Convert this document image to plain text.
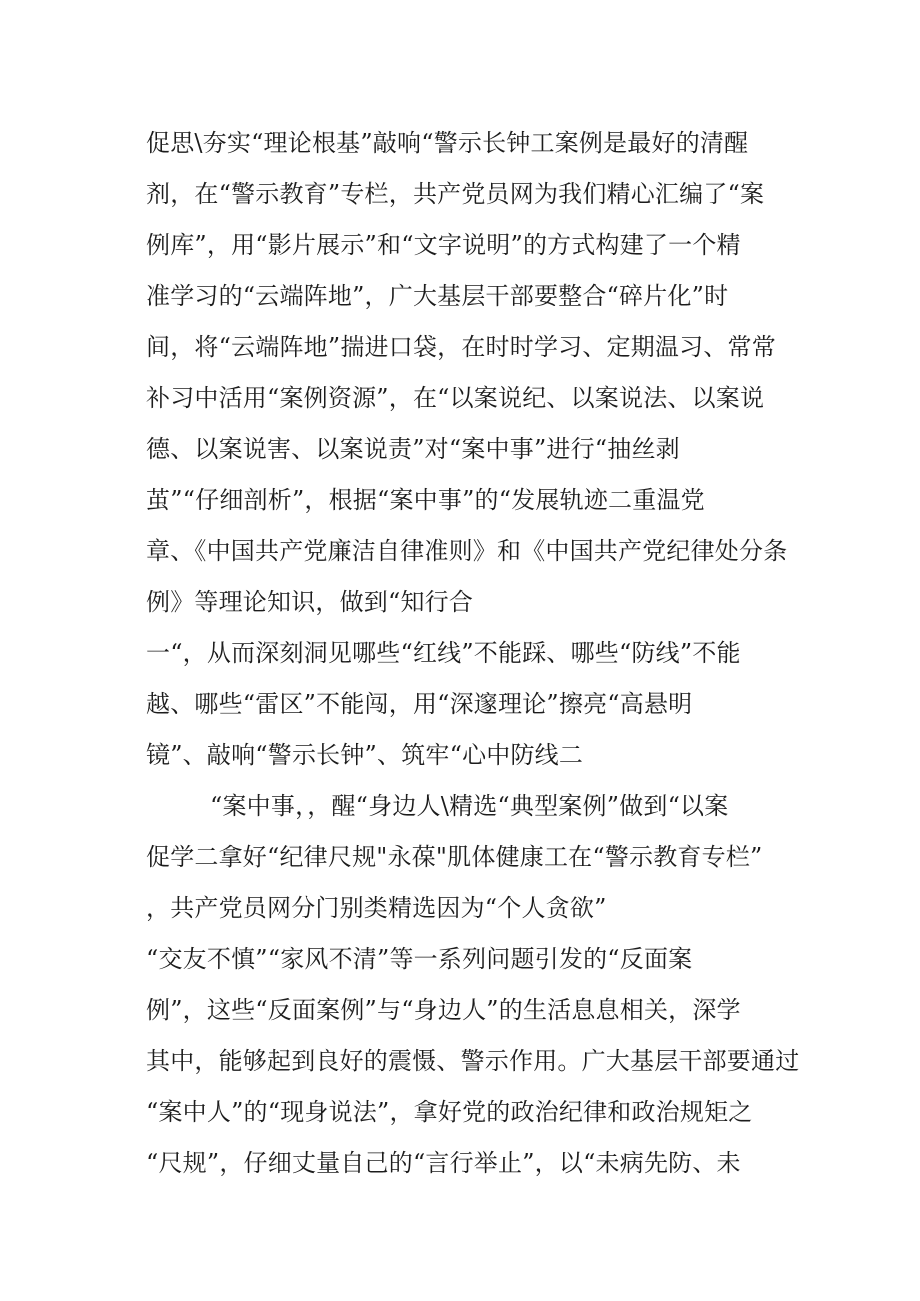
促思\夯实“理论根基”敲响“警示长钟工案例是最好的清醒
剂，在“警示教育”专栏，共产党员网为我们精心汇编了“案
例库”，用“影片展示”和“文字说明”的方式构建了一个精
准学习的“云端阵地”，广大基层干部要整合“碎片化”时
间，将“云端阵地”揣进口袋，在时时学习、定期温习、常常
补习中活用“案例资源”，在“以案说纪、以案说法、以案说
德、以案说害、以案说责”对“案中事”进行“抽丝剥
茧”“仔细剖析”，根据“案中事”的“发展轨迹二重温党
章、《中国共产党廉洁自律准则》和《中国共产党纪律处分条
例》等理论知识，做到“知行合
一“，从而深刻洞见哪些“红线”不能踩、哪些“防线”不能
越、哪些“雷区”不能闯，用“深邃理论”擦亮“高悬明
镜”、敲响“警示长钟”、筑牢“心中防线二
“案中事，，醒“身边人\精选“典型案例”做到“以案
促学二拿好“纪律尺规"永葆"肌体健康工在“警示教育专栏”
，共产党员网分门别类精选因为“个人贪欲”
“交友不慎”“家风不清”等一系列问题引发的“反面案
例”，这些“反面案例”与“身边人”的生活息息相关，深学
其中，能够起到良好的震慑、警示作用。广大基层干部要通过
“案中人”的“现身说法”，拿好党的政治纪律和政治规矩之
“尺规”，仔细丈量自己的“言行举止”，以“未病先防、未
